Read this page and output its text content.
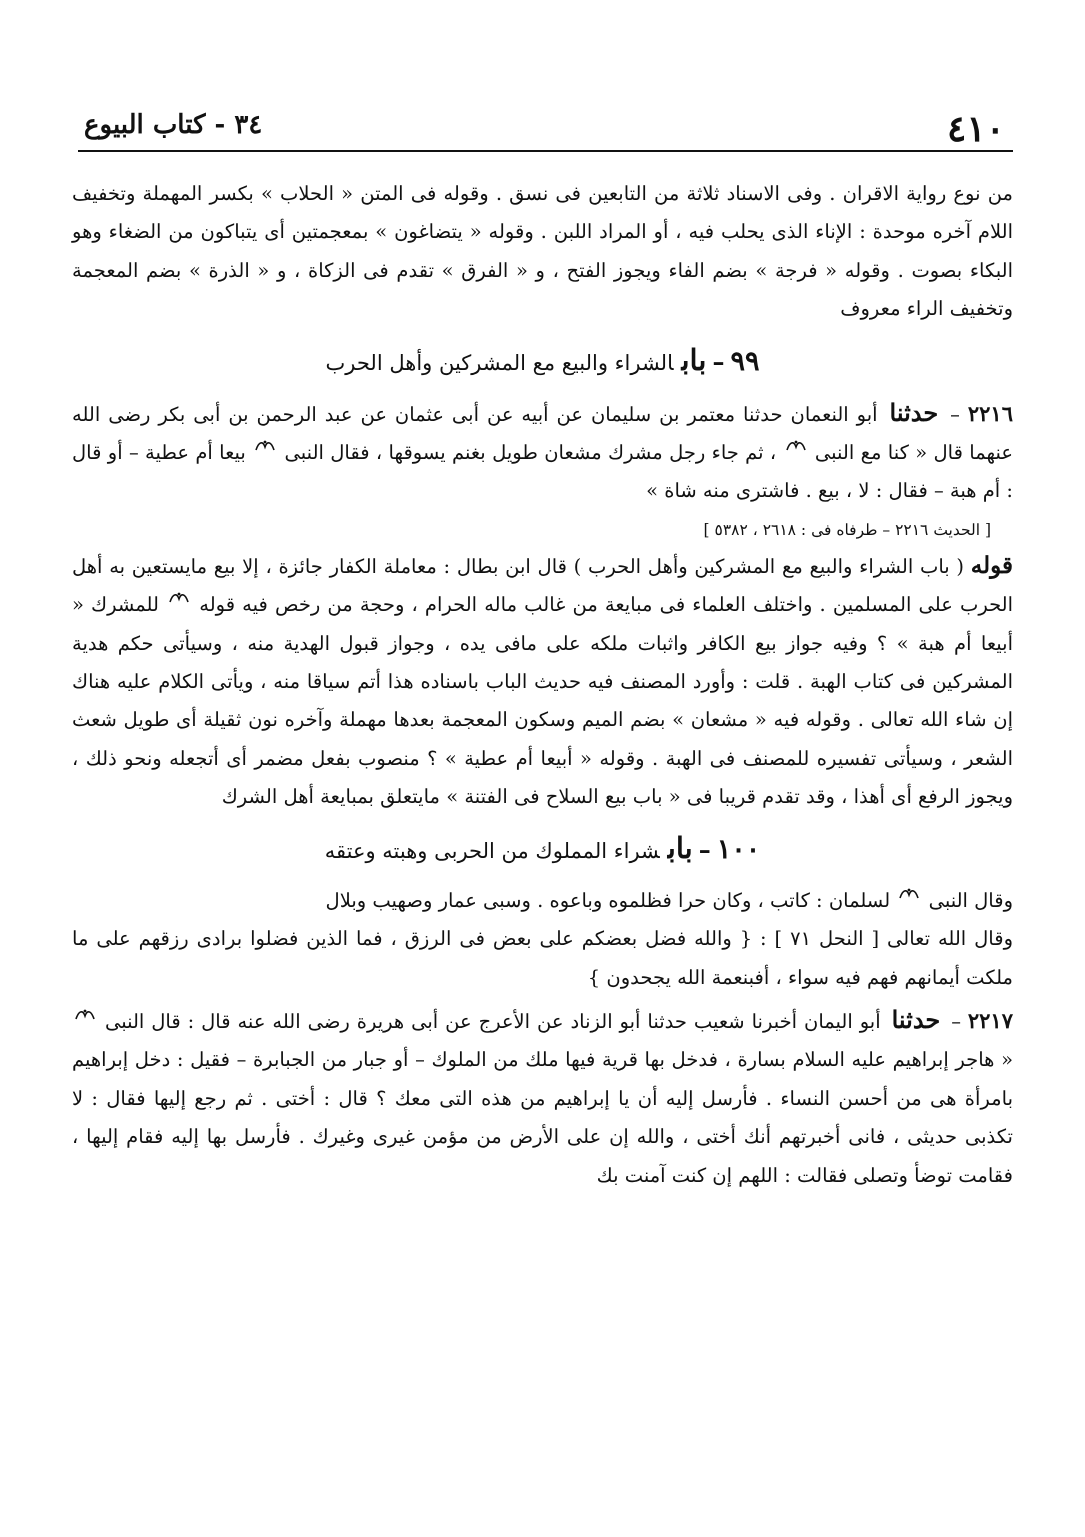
٤١٠
٣٤ - كتاب البيوع

من نوع رواية الاقران . وفى الاسناد ثلاثة من التابعين فى نسق . وقوله فى المتن « الحلاب » بكسر المهملة وتخفيف اللام آخره موحدة : الإناء الذى يحلب فيه ، أو المراد اللبن . وقوله « يتضاغون » بمعجمتين أى يتباكون من الضغاء وهو البكاء بصوت . وقوله « فرجة » بضم الفاء ويجوز الفتح ، و « الفرق » تقدم فى الزكاة ، و « الذرة » بضم المعجمة وتخفيف الراء معروف

٩٩–بابالشراء والبيع مع المشركين وأهل الحرب

٢٢١٦ – حدثنا أبو النعمان حدثنا معتمر بن سليمان عن أبيه عن أبى عثمان عن عبد الرحمن بن أبى بكر رضى الله عنهما قال « كنا مع النبى
، ثم جاء رجل مشرك مشعان طويل بغنم يسوقها ، فقال النبى
بيعا أم عطية – أو قال : أم هبة – فقال : لا ، بيع . فاشترى منه شاة »

[ الحديث ٢٢١٦ – طرفاه فى : ٢٦١٨ ، ٥٣٨٢ ]

قوله ( باب الشراء والبيع مع المشركين وأهل الحرب ) قال ابن بطال : معاملة الكفار جائزة ، إلا بيع مايستعين به أهل الحرب على المسلمين . واختلف العلماء فى مبايعة من غالب ماله الحرام ، وحجة من رخص فيه قوله
للمشرك « أبيعا أم هبة » ؟ وفيه جواز بيع الكافر واثبات ملكه على مافى يده ، وجواز قبول الهدية منه ، وسيأتى حكم هدية المشركين فى كتاب الهبة . قلت : وأورد المصنف فيه حديث الباب باسناده هذا أتم سياقا منه ، ويأتى الكلام عليه هناك إن شاء الله تعالى . وقوله فيه « مشعان » بضم الميم وسكون المعجمة بعدها مهملة وآخره نون ثقيلة أى طويل شعث الشعر ، وسيأتى تفسيره للمصنف فى الهبة . وقوله « أبيعا أم عطية » ؟ منصوب بفعل مضمر أى أتجعله ونحو ذلك ، ويجوز الرفع أى أهذا ، وقد تقدم قريبا فى « باب بيع السلاح فى الفتنة » مايتعلق بمبايعة أهل الشرك

١٠٠–بابشراء المملوك من الحربى وهبته وعتقه

وقال النبى
لسلمان : كاتب ، وكان حرا فظلموه وباعوه . وسبى عمار وصهيب وبلال

وقال الله تعالى [ النحل ٧١ ] : { والله فضل بعضكم على بعض فى الرزق ، فما الذين فضلوا برادى رزقهم على ما ملكت أيمانهم فهم فيه سواء ، أفبنعمة الله يجحدون }

٢٢١٧ – حدثنا أبو اليمان أخبرنا شعيب حدثنا أبو الزناد عن الأعرج عن أبى هريرة رضى الله عنه قال : قال النبى
« هاجر إبراهيم عليه السلام بسارة ، فدخل بها قرية فيها ملك من الملوك – أو جبار من الجبابرة – فقيل : دخل إبراهيم بامرأة هى من أحسن النساء . فأرسل إليه أن يا إبراهيم من هذه التى معك ؟ قال : أختى . ثم رجع إليها فقال : لا تكذبى حديثى ، فانى أخبرتهم أنك أختى ، والله إن على الأرض من مؤمن غيرى وغيرك . فأرسل بها إليه فقام إليها ، فقامت توضأ وتصلى فقالت : اللهم إن كنت آمنت بك
